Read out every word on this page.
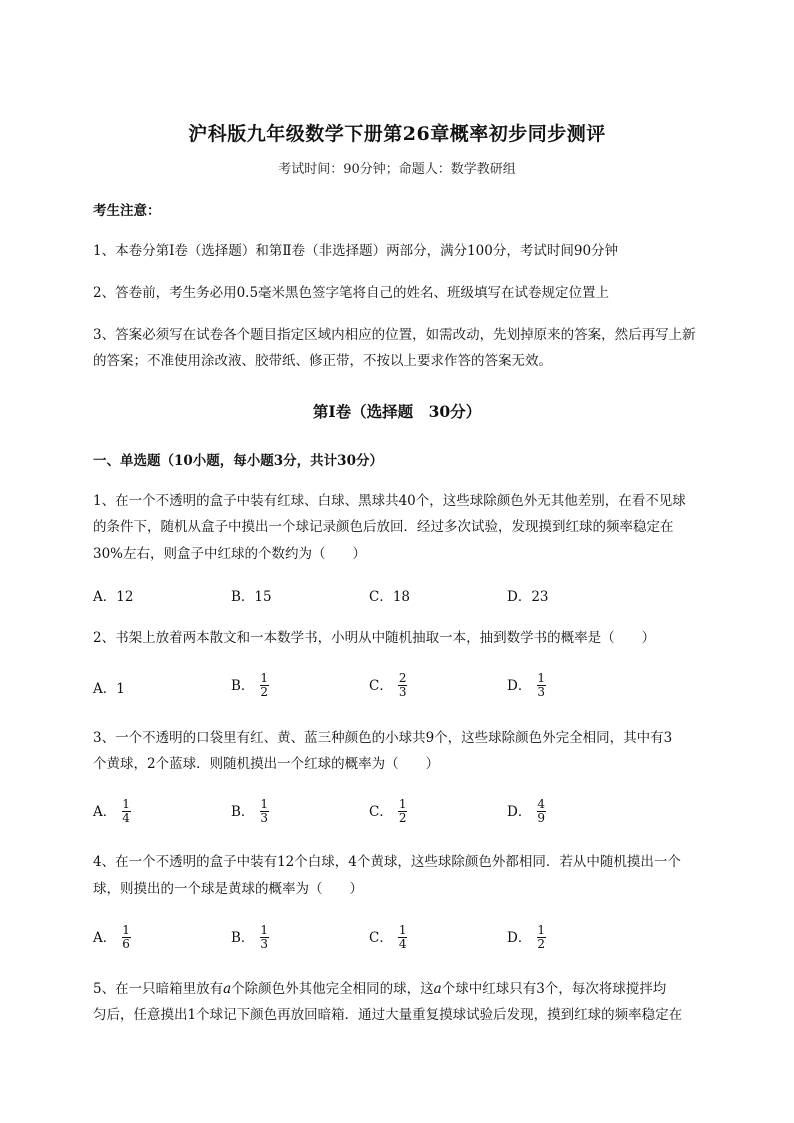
沪科版九年级数学下册第26章概率初步同步测评
考试时间：90分钟；命题人：数学教研组
考生注意：
1、本卷分第Ⅰ卷（选择题）和第Ⅱ卷（非选择题）两部分，满分100分，考试时间90分钟
2、答卷前，考生务必用0.5毫米黑色签字笔将自己的姓名、班级填写在试卷规定位置上
3、答案必须写在试卷各个题目指定区域内相应的位置，如需改动，先划掉原来的答案，然后再写上新
的答案；不准使用涂改液、胶带纸、修正带，不按以上要求作答的答案无效。
第Ⅰ卷（选择题　30分）
一、单选题（10小题，每小题3分，共计30分）
1、在一个不透明的盒子中装有红球、白球、黑球共40个，这些球除颜色外无其他差别，在看不见球
的条件下，随机从盒子中摸出一个球记录颜色后放回．经过多次试验，发现摸到红球的频率稳定在
30%左右，则盒子中红球的个数约为（　　）
A．12	B．15	C．18	D．23
2、书架上放着两本散文和一本数学书，小明从中随机抽取一本，抽到数学书的概率是（　　）
A．1	B． $\frac{1}{2}$	C． $\frac{2}{3}$	D． $\frac{1}{3}$
3、一个不透明的口袋里有红、黄、蓝三种颜色的小球共9个，这些球除颜色外完全相同，其中有3
个黄球，2个蓝球．则随机摸出一个红球的概率为（　　）
A． $\frac{1}{4}$	B． $\frac{1}{3}$	C． $\frac{1}{2}$	D． $\frac{4}{9}$
4、在一个不透明的盒子中装有12个白球，4个黄球，这些球除颜色外都相同．若从中随机摸出一个
球，则摸出的一个球是黄球的概率为（　　）
A． $\frac{1}{6}$	B． $\frac{1}{3}$	C． $\frac{1}{4}$	D． $\frac{1}{2}$
5、在一只暗箱里放有a个除颜色外其他完全相同的球，这a个球中红球只有3个，每次将球搅拌均
匀后，任意摸出1个球记下颜色再放回暗箱．通过大量重复摸球试验后发现，摸到红球的频率稳定在
